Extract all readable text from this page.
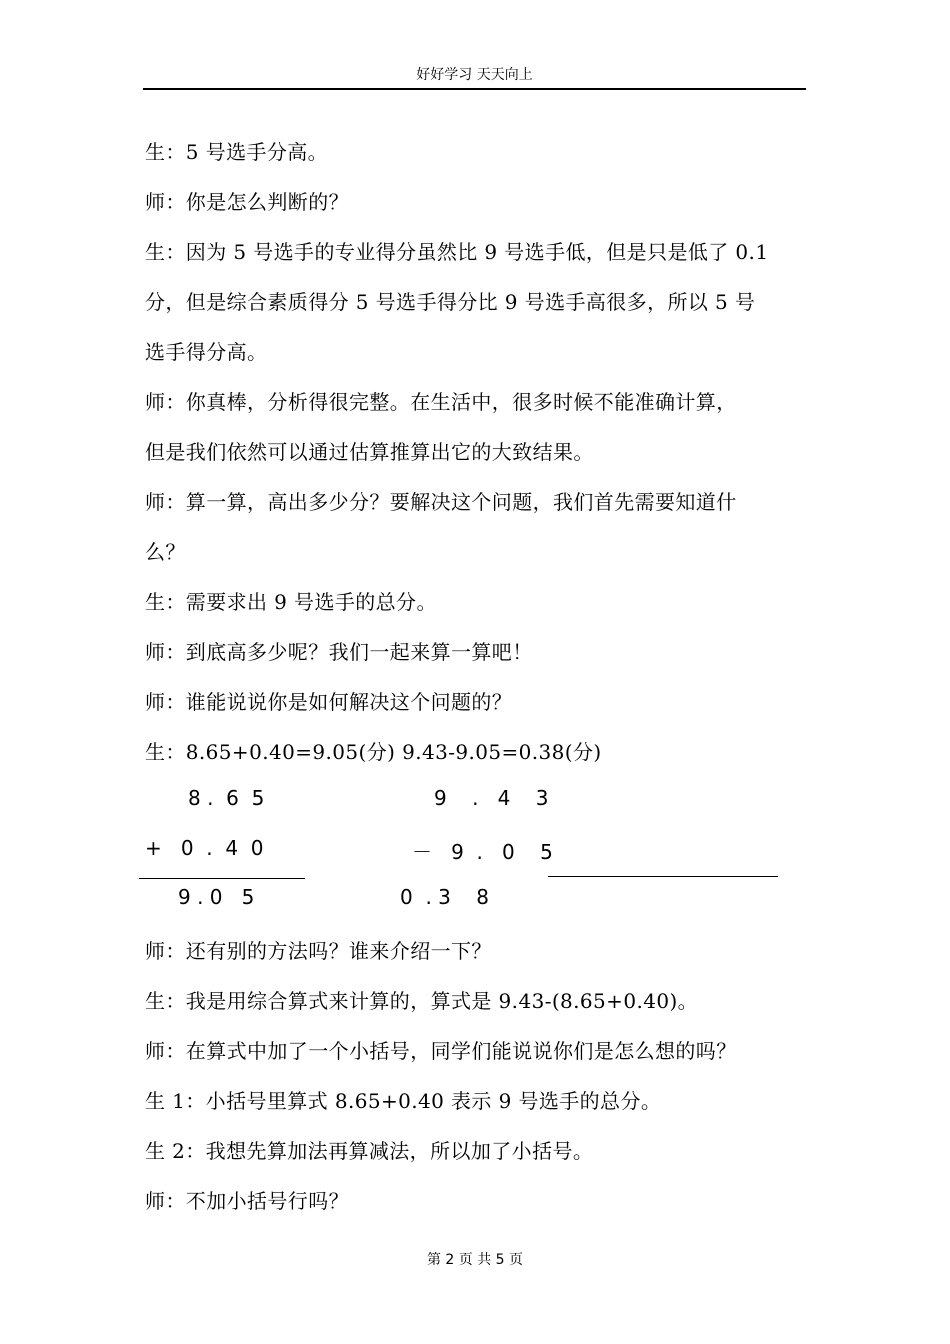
好好学习 天天向上
生：5 号选手分高。
师：你是怎么判断的？
生：因为 5 号选手的专业得分虽然比 9 号选手低，但是只是低了 0.1
分，但是综合素质得分 5 号选手得分比 9 号选手高很多，所以 5 号
选手得分高。
师：你真棒，分析得很完整。在生活中，很多时候不能准确计算，
但是我们依然可以通过估算推算出它的大致结果。
师：算一算，高出多少分？要解决这个问题，我们首先需要知道什
么？
生：需要求出 9 号选手的总分。
师：到底高多少呢？我们一起来算一算吧！
师：谁能说说你是如何解决这个问题的？
生：8.65+0.40=9.05(分) 9.43-9.05=0.38(分)
8 .  6  5
+   0  .  4  0
9 . 0   5
9    .   4    3
－   9  .   0    5
0  . 3    8
师：还有别的方法吗？谁来介绍一下？
生：我是用综合算式来计算的，算式是 9.43-(8.65+0.40)。
师：在算式中加了一个小括号，同学们能说说你们是怎么想的吗？
生 1：小括号里算式 8.65+0.40 表示 9 号选手的总分。
生 2：我想先算加法再算减法，所以加了小括号。
师：不加小括号行吗？
第 2 页 共 5 页
